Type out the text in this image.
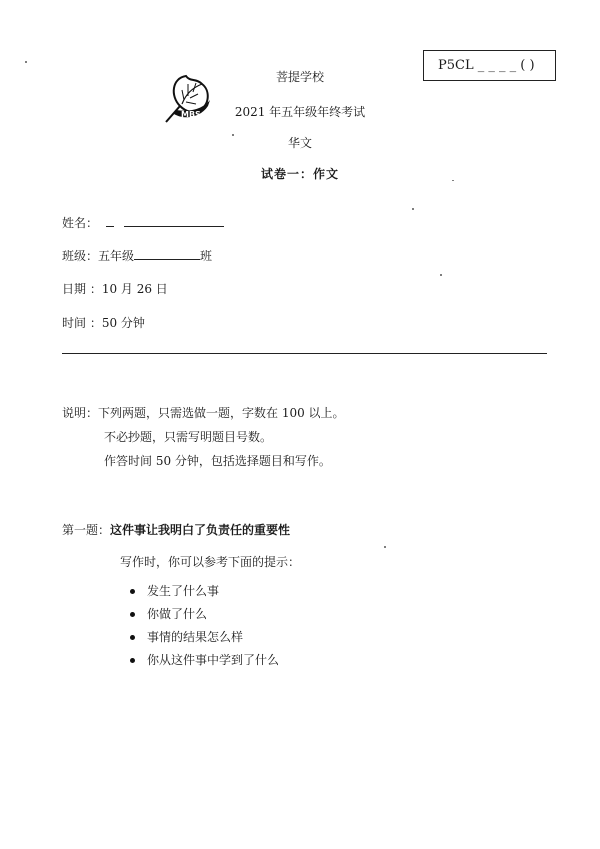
P5CL _ _ _ _ ( )
MBS
菩提学校
2021 年五年级年终考试
华文
试卷一：作文
姓名：
班级：五年级	班
日期 ：10 月 26 日
时间 ：50 分钟
说明：下列两题，只需选做一题，字数在 100 以上。
不必抄题，只需写明题目号数。
作答时间 50 分钟，包括选择题目和写作。
第一题：这件事让我明白了负责任的重要性
写作时，你可以参考下面的提示：
发生了什么事
你做了什么
事情的结果怎么样
你从这件事中学到了什么
